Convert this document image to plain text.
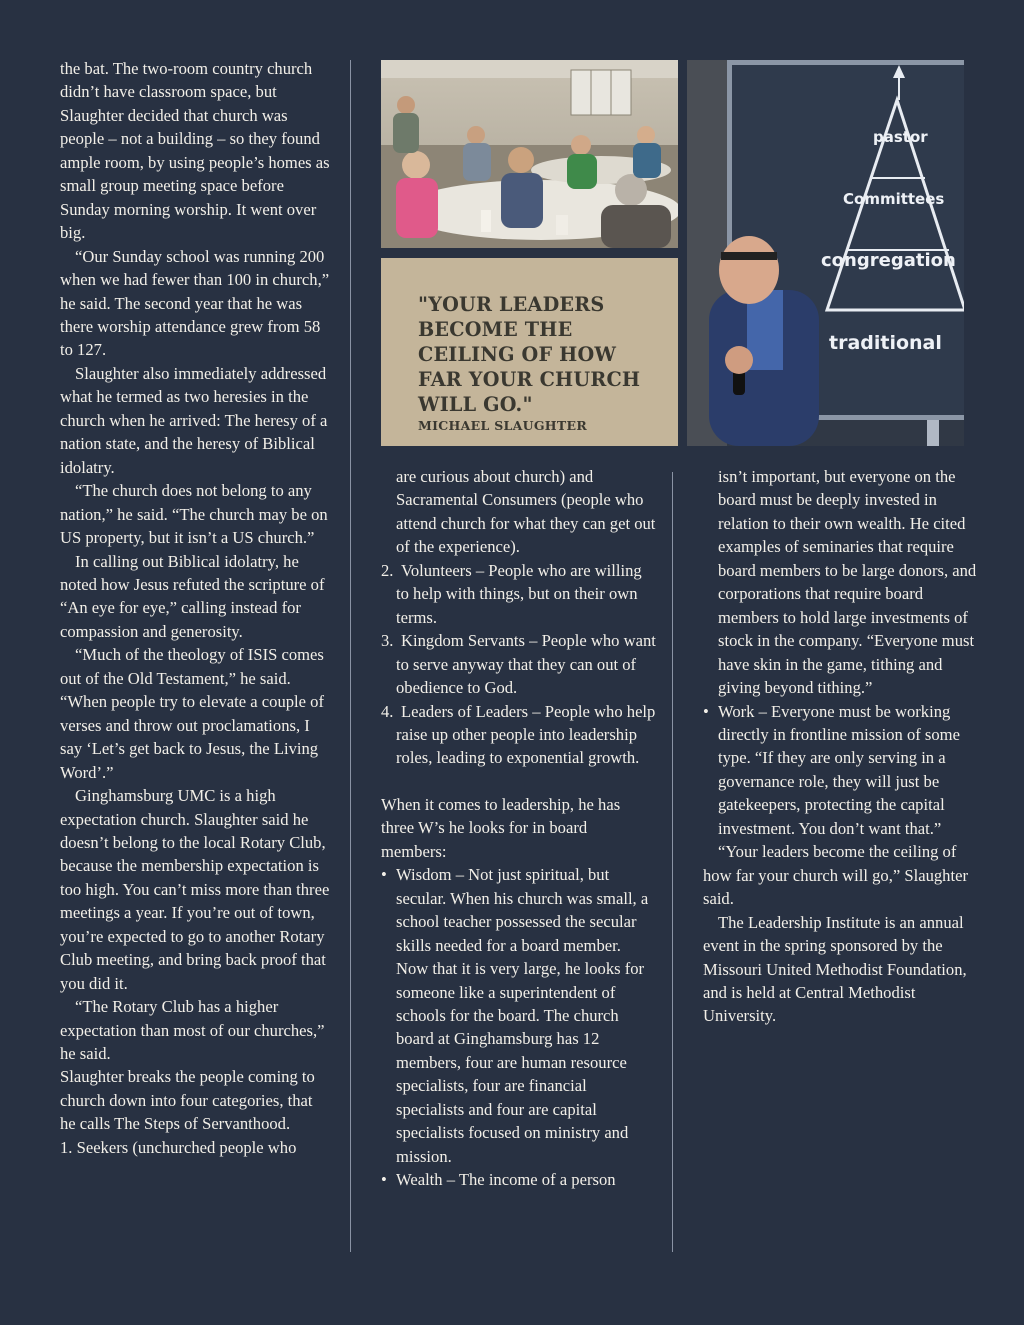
pastor
Committees
congregation
traditional
"YOUR LEADERS BECOME THE CEILING OF HOW FAR YOUR CHURCH WILL GO."
MICHAEL SLAUGHTER

the bat. The two-room country church didn’t have classroom space, but Slaughter decided that church was people – not a building – so they found ample room, by using people’s homes as small group meeting space before Sunday morning worship. It went over big.

“Our Sunday school was running 200 when we had fewer than 100 in church,” he said. The second year that he was there worship attendance grew from 58 to 127.

Slaughter also immediately addressed what he termed as two heresies in the church when he arrived: The heresy of a nation state, and the heresy of Biblical idolatry.

“The church does not belong to any nation,” he said. “The church may be on US property, but it isn’t a US church.”

In calling out Biblical idolatry, he noted how Jesus refuted the scripture of “An eye for eye,” calling instead for compassion and generosity.

“Much of the theology of ISIS comes out of the Old Testament,” he said. “When people try to elevate a couple of verses and throw out proclamations, I say ‘Let’s get back to Jesus, the Living Word’.”

Ginghamsburg UMC is a high expectation church. Slaughter said he doesn’t belong to the local Rotary Club, because the membership expectation is too high. You can’t miss more than three meetings a year. If you’re out of town, you’re expected to go to another Rotary Club meeting, and bring back proof that you did it.

“The Rotary Club has a higher expectation than most of our churches,” he said.

Slaughter breaks the people coming to church down into four categories, that he calls The Steps of Servanthood.

1. Seekers (unchurched people who

are curious about church) and Sacramental Consumers (people who attend church for what they can get out of the experience).

2. Volunteers – People who are willing to help with things, but on their own terms.
3. Kingdom Servants – People who want to serve anyway that they can out of obedience to God.
4. Leaders of Leaders – People who help raise up other people into leadership roles, leading to exponential growth.

When it comes to leadership, he has three W’s he looks for in board members:

• Wisdom – Not just spiritual, but secular. When his church was small, a school teacher possessed the secular skills needed for a board member. Now that it is very large, he looks for someone like a superintendent of schools for the board. The church board at Ginghamsburg has 12 members, four are human resource specialists, four are financial specialists and four are capital specialists focused on ministry and mission.
• Wealth – The income of a person

isn’t important, but everyone on the board must be deeply invested in relation to their own wealth. He cited examples of seminaries that require board members to be large donors, and corporations that require board members to hold large investments of stock in the company. “Everyone must have skin in the game, tithing and giving beyond tithing.”

• Work – Everyone must be working directly in frontline mission of some type. “If they are only serving in a governance role, they will just be gatekeepers, protecting the capital investment. You don’t want that.”

“Your leaders become the ceiling of how far your church will go,” Slaughter said.

The Leadership Institute is an annual event in the spring sponsored by the Missouri United Methodist Foundation, and is held at Central Methodist University.
